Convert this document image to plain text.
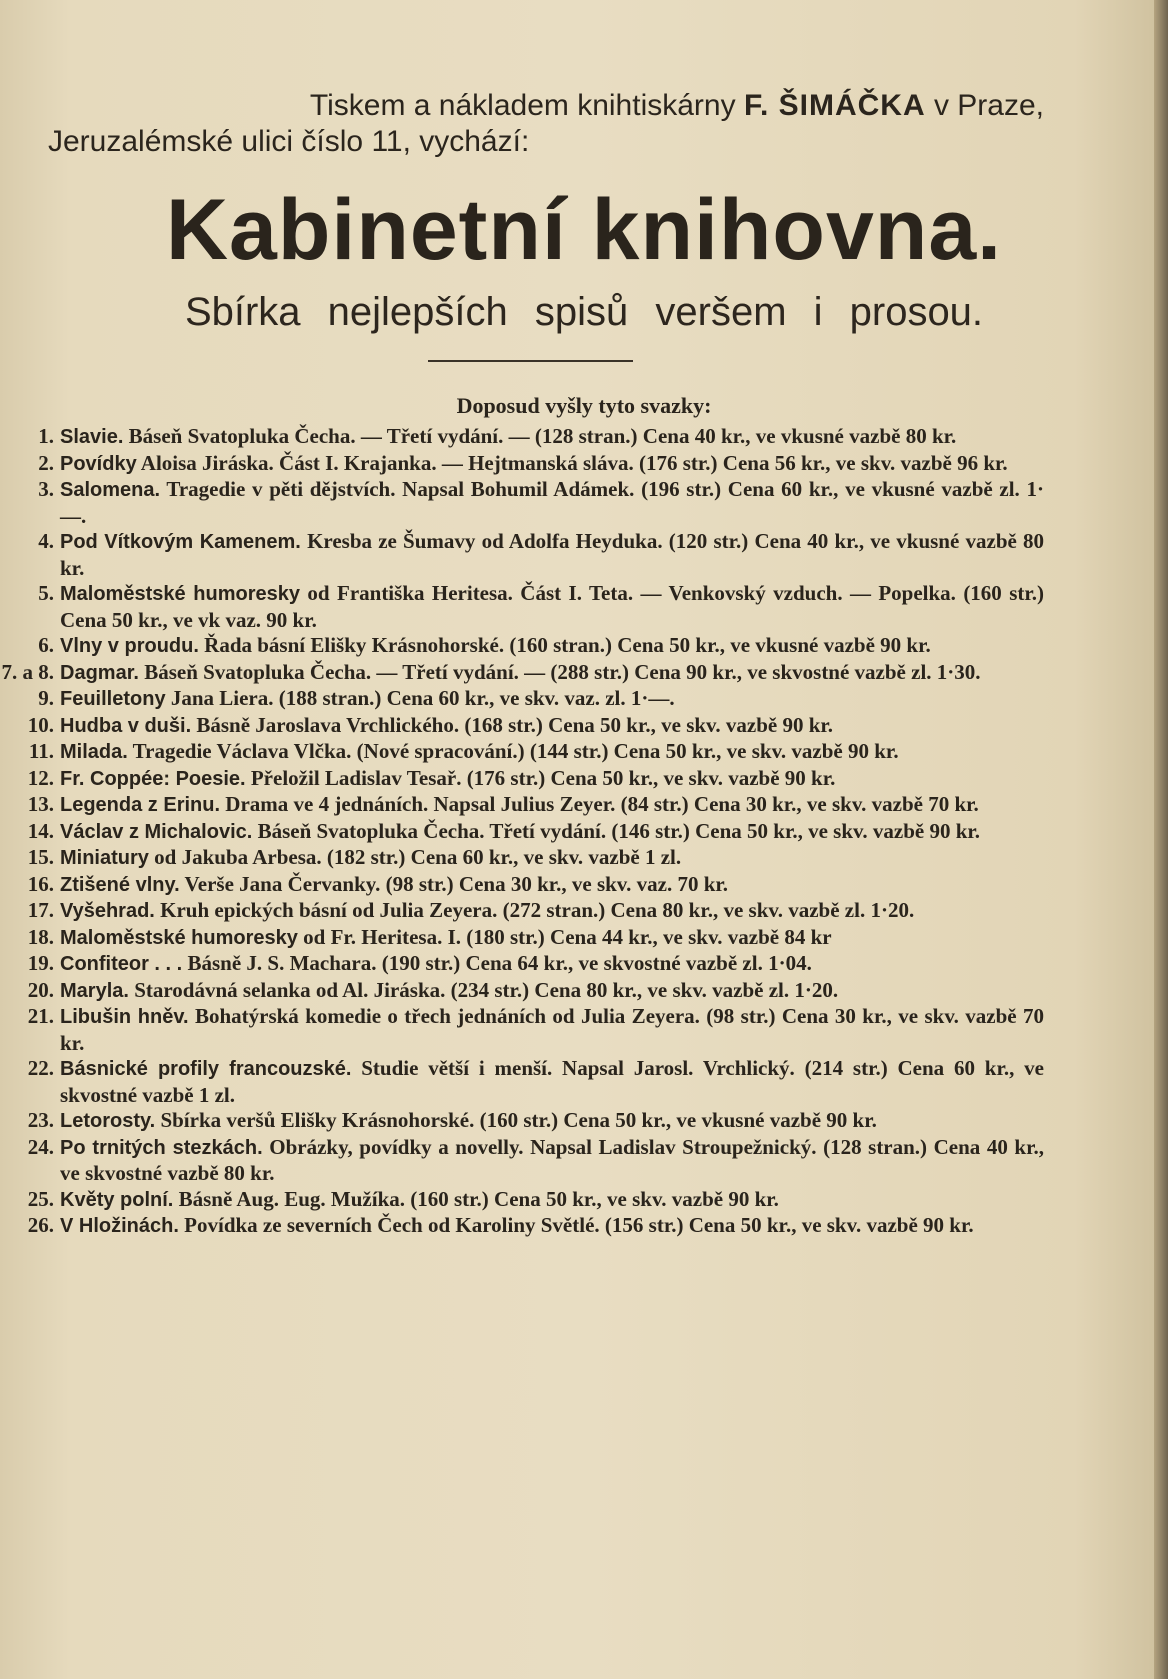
Tiskem a nákladem knihtiskárny F. ŠIMÁČKA v Praze,
Jeruzalémské ulici číslo 11, vychází:
Kabinetní knihovna.
Sbírka nejlepších spisů veršem i prosou.
Doposud vyšly tyto svazky:
1. Slavie. Báseň Svatopluka Čecha. — Třetí vydání. — (128 stran.) Cena 40 kr., ve vkusné vazbě 80 kr.
2. Povídky Aloisa Jiráska. Část I. Krajanka. — Hejtmanská sláva. (176 str.) Cena 56 kr., ve skv. vazbě 96 kr.
3. Salomena. Tragedie v pěti dějstvích. Napsal Bohumil Adámek. (196 str.) Cena 60 kr., ve vkusné vazbě zl. 1·—.
4. Pod Vítkovým Kamenem. Kresba ze Šumavy od Adolfa Heyduka. (120 str.) Cena 40 kr., ve vkusné vazbě 80 kr.
5. Maloměstské humoresky od Františka Heritesa. Část I. Teta. — Venkovský vzduch. — Popelka. (160 str.) Cena 50 kr., ve vk vaz. 90 kr.
6. Vlny v proudu. Řada básní Elišky Krásnohorské. (160 stran.) Cena 50 kr., ve vkusné vazbě 90 kr.
7. a 8. Dagmar. Báseň Svatopluka Čecha. — Třetí vydání. — (288 str.) Cena 90 kr., ve skvostné vazbě zl. 1·30.
9. Feuilletony Jana Liera. (188 stran.) Cena 60 kr., ve skv. vaz. zl. 1·—.
10. Hudba v duši. Básně Jaroslava Vrchlického. (168 str.) Cena 50 kr., ve skv. vazbě 90 kr.
11. Milada. Tragedie Václava Vlčka. (Nové spracování.) (144 str.) Cena 50 kr., ve skv. vazbě 90 kr.
12. Fr. Coppée: Poesie. Přeložil Ladislav Tesař. (176 str.) Cena 50 kr., ve skv. vazbě 90 kr.
13. Legenda z Erinu. Drama ve 4 jednáních. Napsal Julius Zeyer. (84 str.) Cena 30 kr., ve skv. vazbě 70 kr.
14. Václav z Michalovic. Báseň Svatopluka Čecha. Třetí vydání. (146 str.) Cena 50 kr., ve skv. vazbě 90 kr.
15. Miniatury od Jakuba Arbesa. (182 str.) Cena 60 kr., ve skv. vazbě 1 zl.
16. Ztišené vlny. Verše Jana Červanky. (98 str.) Cena 30 kr., ve skv. vaz. 70 kr.
17. Vyšehrad. Kruh epických básní od Julia Zeyera. (272 stran.) Cena 80 kr., ve skv. vazbě zl. 1·20.
18. Maloměstské humoresky od Fr. Heritesa. I. (180 str.) Cena 44 kr., ve skv. vazbě 84 kr
19. Confiteor . . . Básně J. S. Machara. (190 str.) Cena 64 kr., ve skvostné vazbě zl. 1·04.
20. Maryla. Starodávná selanka od Al. Jiráska. (234 str.) Cena 80 kr., ve skv. vazbě zl. 1·20.
21. Libušin hněv. Bohatýrská komedie o třech jednáních od Julia Zeyera. (98 str.) Cena 30 kr., ve skv. vazbě 70 kr.
22. Básnické profily francouzské. Studie větší i menší. Napsal Jarosl. Vrchlický. (214 str.) Cena 60 kr., ve skvostné vazbě 1 zl.
23. Letorosty. Sbírka veršů Elišky Krásnohorské. (160 str.) Cena 50 kr., ve vkusné vazbě 90 kr.
24. Po trnitých stezkách. Obrázky, povídky a novelly. Napsal Ladislav Stroupežnický. (128 stran.) Cena 40 kr., ve skvostné vazbě 80 kr.
25. Květy polní. Básně Aug. Eug. Mužíka. (160 str.) Cena 50 kr., ve skv. vazbě 90 kr.
26. V Hložinách. Povídka ze severních Čech od Karoliny Světlé. (156 str.) Cena 50 kr., ve skv. vazbě 90 kr.
